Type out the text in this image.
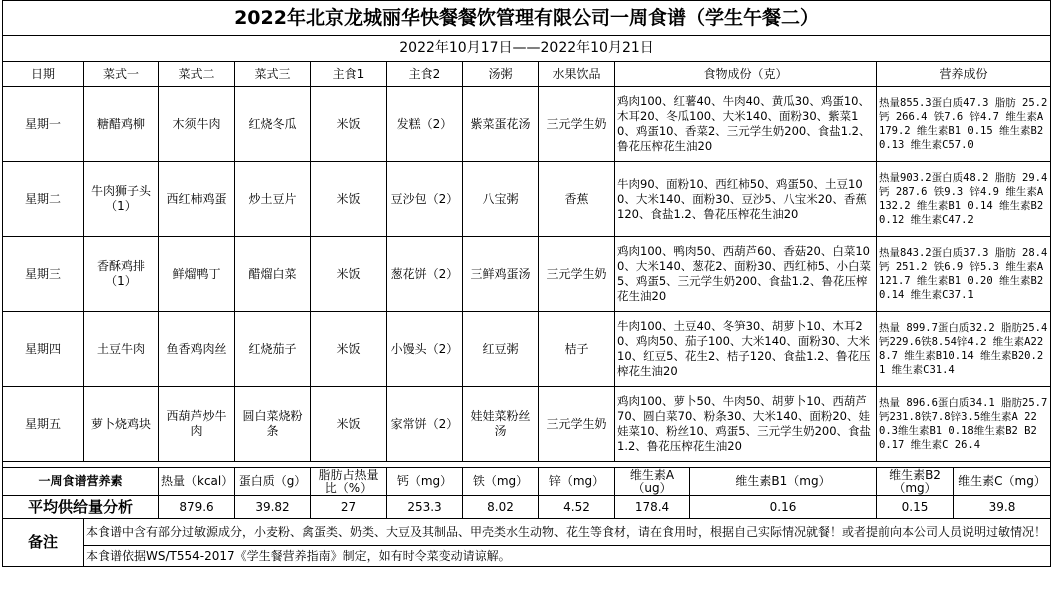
2022年北京龙城丽华快餐餐饮管理有限公司一周食谱（学生午餐二）											
2022年10月17日——2022年10月21日											
日期	菜式一	菜式二	菜式三	主食1	主食2	汤粥	水果饮品	食物成份（克）		营养成份	
星期一	糖醋鸡柳	木须牛肉	红烧冬瓜	米饭	发糕（2）	紫菜蛋花汤	三元学生奶	鸡肉100、红薯40、牛肉40、黄瓜30、鸡蛋10、木耳20、冬瓜100、大米140、面粉30、紫菜10、鸡蛋10、香菜2、三元学生奶200、食盐1.2、鲁花压榨花生油20		热量855.3蛋白质47.3 脂肪 25.2钙 266.4 铁7.6 锌4.7 维生素A 179.2 维生素B1 0.15 维生素B2 0.13 维生素C57.0	
星期二	牛肉狮子头（1）	西红柿鸡蛋	炒土豆片	米饭	豆沙包（2）	八宝粥	香蕉	牛肉90、面粉10、西红柿50、鸡蛋50、土豆100、大米140、面粉30、豆沙5、八宝米20、香蕉120、食盐1.2、鲁花压榨花生油20		热量903.2蛋白质48.2 脂肪 29.4 钙 287.6 铁9.3 锌4.9 维生素A 132.2 维生素B1 0.14 维生素B2 0.12 维生素C47.2	
星期三	香酥鸡排（1）	鲜熘鸭丁	醋熘白菜	米饭	葱花饼（2）	三鲜鸡蛋汤	三元学生奶	鸡肉100、鸭肉50、西葫芦60、香菇20、白菜100、大米140、葱花2、面粉30、西红柿5、小白菜5、鸡蛋5、三元学生奶200、食盐1.2、鲁花压榨花生油20		热量843.2蛋白质37.3 脂肪 28.4 钙 251.2 铁6.9 锌5.3 维生素A 121.7 维生素B1 0.20 维生素B2 0.14 维生素C37.1	
星期四	土豆牛肉	鱼香鸡肉丝	红烧茄子	米饭	小馒头（2）	红豆粥	桔子	牛肉100、土豆40、冬笋30、胡萝卜10、木耳20、鸡肉50、茄子100、大米140、面粉30、大米10、红豆5、花生2、桔子120、食盐1.2、鲁花压榨花生油20		热量 899.7蛋白质32.2 脂肪25.4 钙229.6铁8.54锌4.2 维生素A228.7 维生素B10.14 维生素B20.21 维生素C31.4	
星期五	萝卜烧鸡块	西葫芦炒牛肉	圆白菜烧粉条	米饭	家常饼（2）	娃娃菜粉丝汤	三元学生奶	鸡肉100、萝卜50、牛肉50、胡萝卜10、西葫芦70、圆白菜70、粉条30、大米140、面粉20、娃娃菜10、粉丝10、鸡蛋5、三元学生奶200、食盐1.2、鲁花压榨花生油20		热量 896.6蛋白质34.1 脂肪25.7 钙231.8铁7.8锌3.5维生素A 220.3维生素B1 0.18维生素B2 B20.17 维生素C 26.4	

一周食谱营养素		热量（kcal）	蛋白质（g）	脂肪占热量比（%）	钙（mg）	铁（mg）	锌（mg）	维生素A（ug）	维生素B1（mg）	维生素B2（mg）	维生素C（mg）
平均供给量分析		879.6	39.82	27	253.3	8.02	4.52	178.4	0.16	0.15	39.8
备注	本食谱中含有部分过敏源成分，小麦粉、禽蛋类、奶类、大豆及其制品、甲壳类水生动物、花生等食材，请在食用时，根据自己实际情况就餐！或者提前向本公司人员说明过敏情况！										
	本食谱依据WS/T554-2017《学生餐营养指南》制定，如有时令菜变动请谅解。										
